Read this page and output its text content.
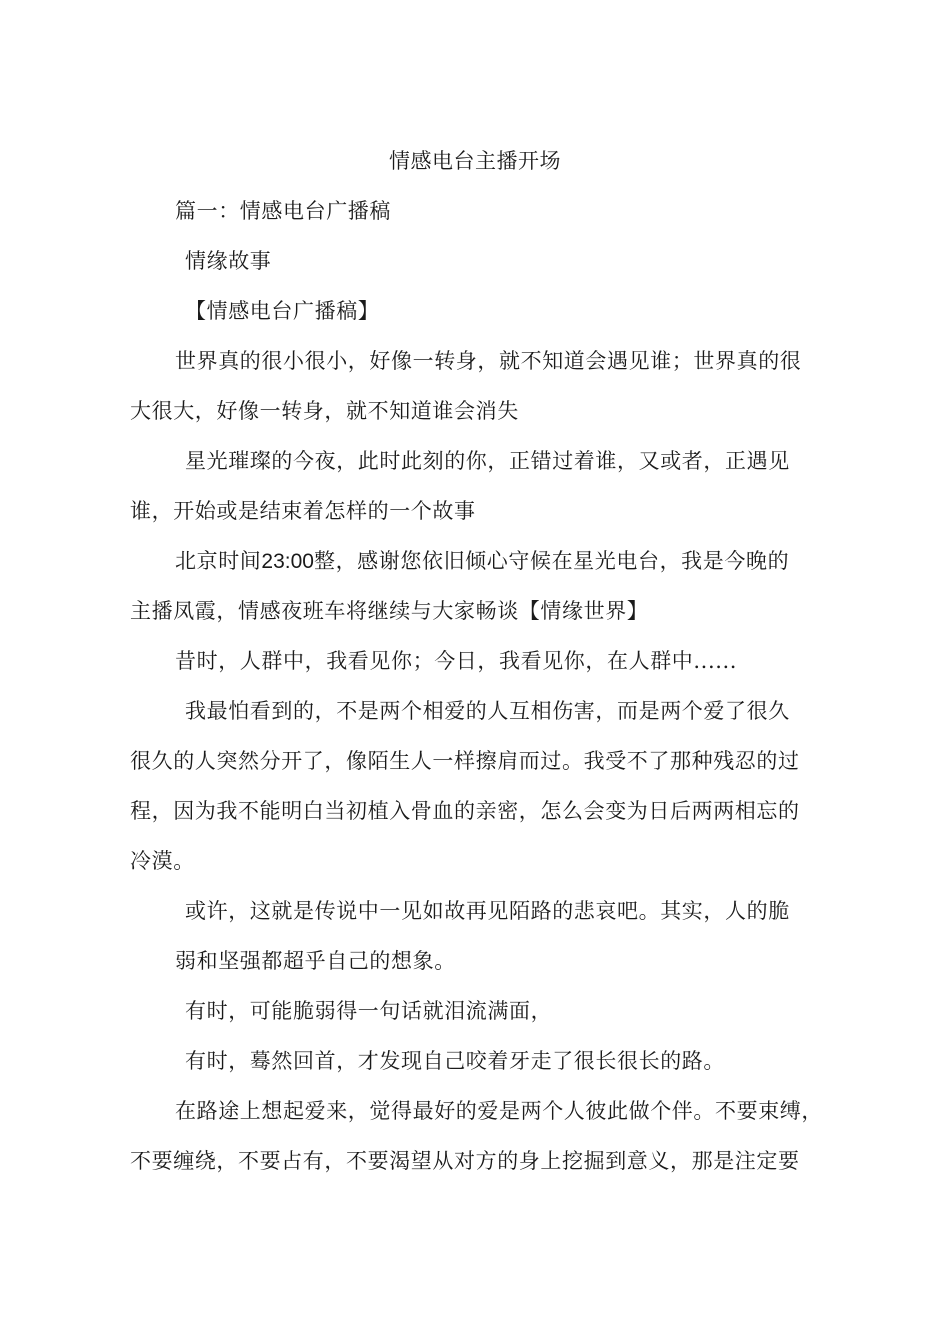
情感电台主播开场
篇一：情感电台广播稿
情缘故事
【情感电台广播稿】
世界真的很小很小，好像一转身，就不知道会遇见谁；世界真的很
大很大，好像一转身，就不知道谁会消失
星光璀璨的今夜，此时此刻的你，正错过着谁，又或者，正遇见
谁，开始或是结束着怎样的一个故事
北京时间23:00整，感谢您依旧倾心守候在星光电台，我是今晚的
主播凤霞，情感夜班车将继续与大家畅谈【情缘世界】
昔时，人群中，我看见你；今日，我看见你，在人群中......
我最怕看到的，不是两个相爱的人互相伤害，而是两个爱了很久
很久的人突然分开了，像陌生人一样擦肩而过。我受不了那种残忍的过
程，因为我不能明白当初植入骨血的亲密，怎么会变为日后两两相忘的
冷漠。
或许，这就是传说中一见如故再见陌路的悲哀吧。其实，人的脆
弱和坚强都超乎自己的想象。
有时，可能脆弱得一句话就泪流满面，
有时，蓦然回首，才发现自己咬着牙走了很长很长的路。
在路途上想起爱来，觉得最好的爱是两个人彼此做个伴。不要束缚，
不要缠绕，不要占有，不要渴望从对方的身上挖掘到意义，那是注定要
